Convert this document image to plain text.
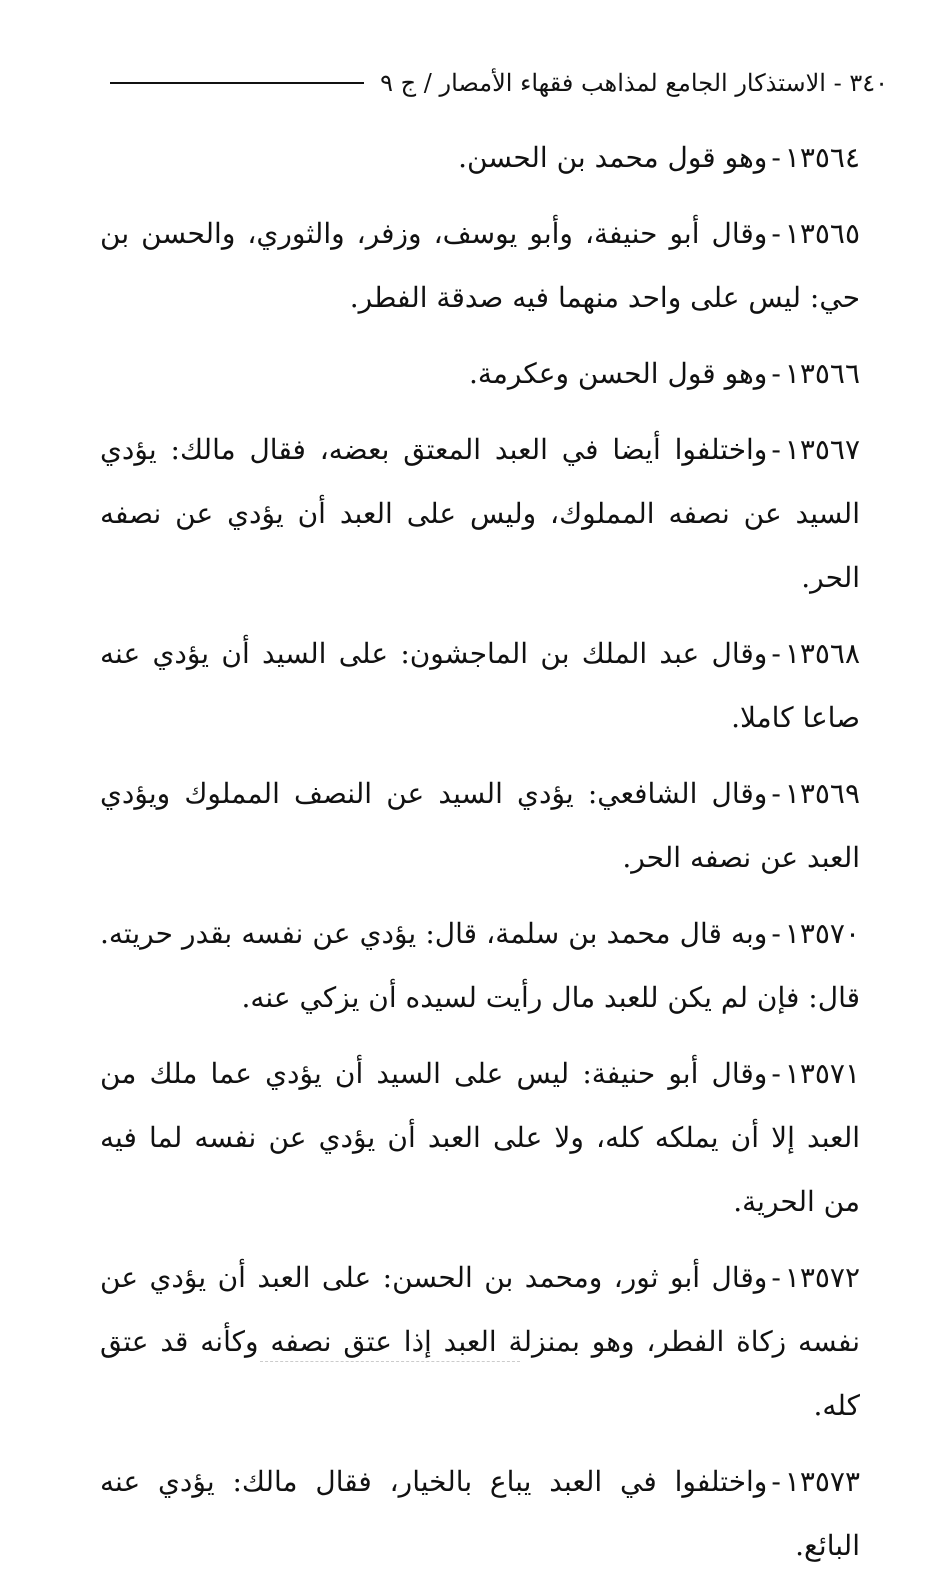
٣٤٠ - الاستذكار الجامع لمذاهب فقهاء الأمصار / ج ٩

١٣٥٦٤-وهو قول محمد بن الحسن.

١٣٥٦٥-وقال أبو حنيفة، وأبو يوسف، وزفر، والثوري، والحسن بن حي: ليس على واحد منهما فيه صدقة الفطر.

١٣٥٦٦-وهو قول الحسن وعكرمة.

١٣٥٦٧-واختلفوا أيضا في العبد المعتق بعضه، فقال مالك: يؤدي السيد عن نصفه المملوك، وليس على العبد أن يؤدي عن نصفه الحر.

١٣٥٦٨-وقال عبد الملك بن الماجشون: على السيد أن يؤدي عنه صاعا كاملا.

١٣٥٦٩-وقال الشافعي: يؤدي السيد عن النصف المملوك ويؤدي العبد عن نصفه الحر.

١٣٥٧٠-وبه قال محمد بن سلمة، قال: يؤدي عن نفسه بقدر حريته. قال: فإن لم يكن للعبد مال رأيت لسيده أن يزكي عنه.

١٣٥٧١-وقال أبو حنيفة: ليس على السيد أن يؤدي عما ملك من العبد إلا أن يملكه كله، ولا على العبد أن يؤدي عن نفسه لما فيه من الحرية.

١٣٥٧٢-وقال أبو ثور، ومحمد بن الحسن: على العبد أن يؤدي عن نفسه زكاة الفطر، وهو بمنزلة العبد إذا عتق نصفه وكأنه قد عتق كله.

١٣٥٧٣-واختلفوا في العبد يباع بالخيار، فقال مالك: يؤدي عنه البائع.
